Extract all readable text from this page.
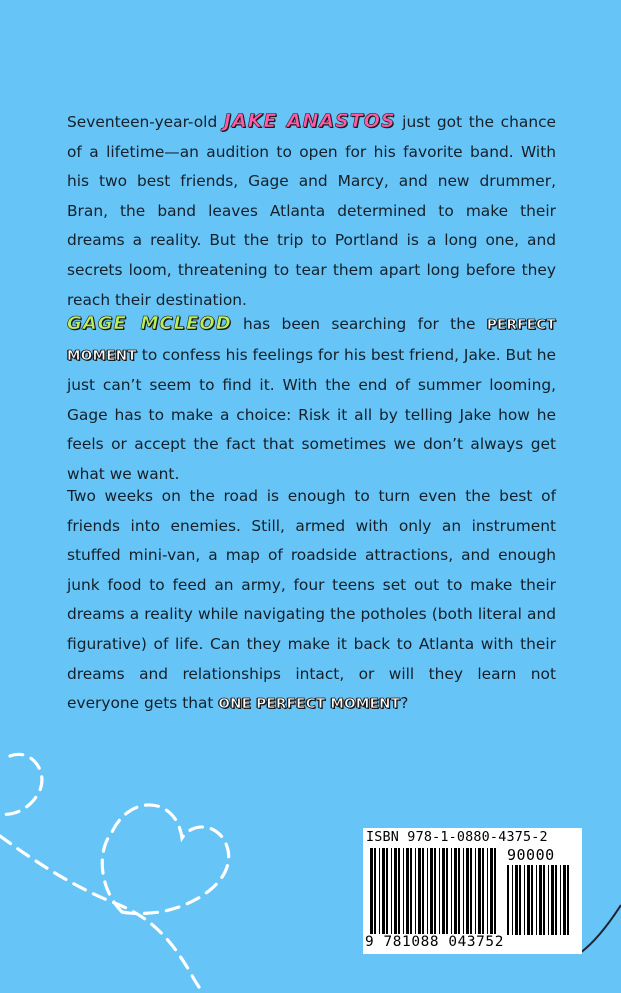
Seventeen-year-old JAKE ANASTOS just got the chance of a lifetime—an audition to open for his favorite band. With his two best friends, Gage and Marcy, and new drummer, Bran, the band leaves Atlanta determined to make their dreams a reality. But the trip to Portland is a long one, and secrets loom, threatening to tear them apart long before they reach their destination.

GAGE MCLEOD has been searching for the PERFECT MOMENT to confess his feelings for his best friend, Jake. But he just can’t seem to find it. With the end of summer looming, Gage has to make a choice: Risk it all by telling Jake how he feels or accept the fact that sometimes we don’t always get what we want.

Two weeks on the road is enough to turn even the best of friends into enemies. Still, armed with only an instrument stuffed mini-van, a map of roadside attractions, and enough junk food to feed an army, four teens set out to make their dreams a reality while navigating the potholes (both literal and figurative) of life. Can they make it back to Atlanta with their dreams and relationships intact, or will they learn not everyone gets that ONE PERFECT MOMENT?

ISBN 978-1-0880-4375-2
90000
9 781088 043752
